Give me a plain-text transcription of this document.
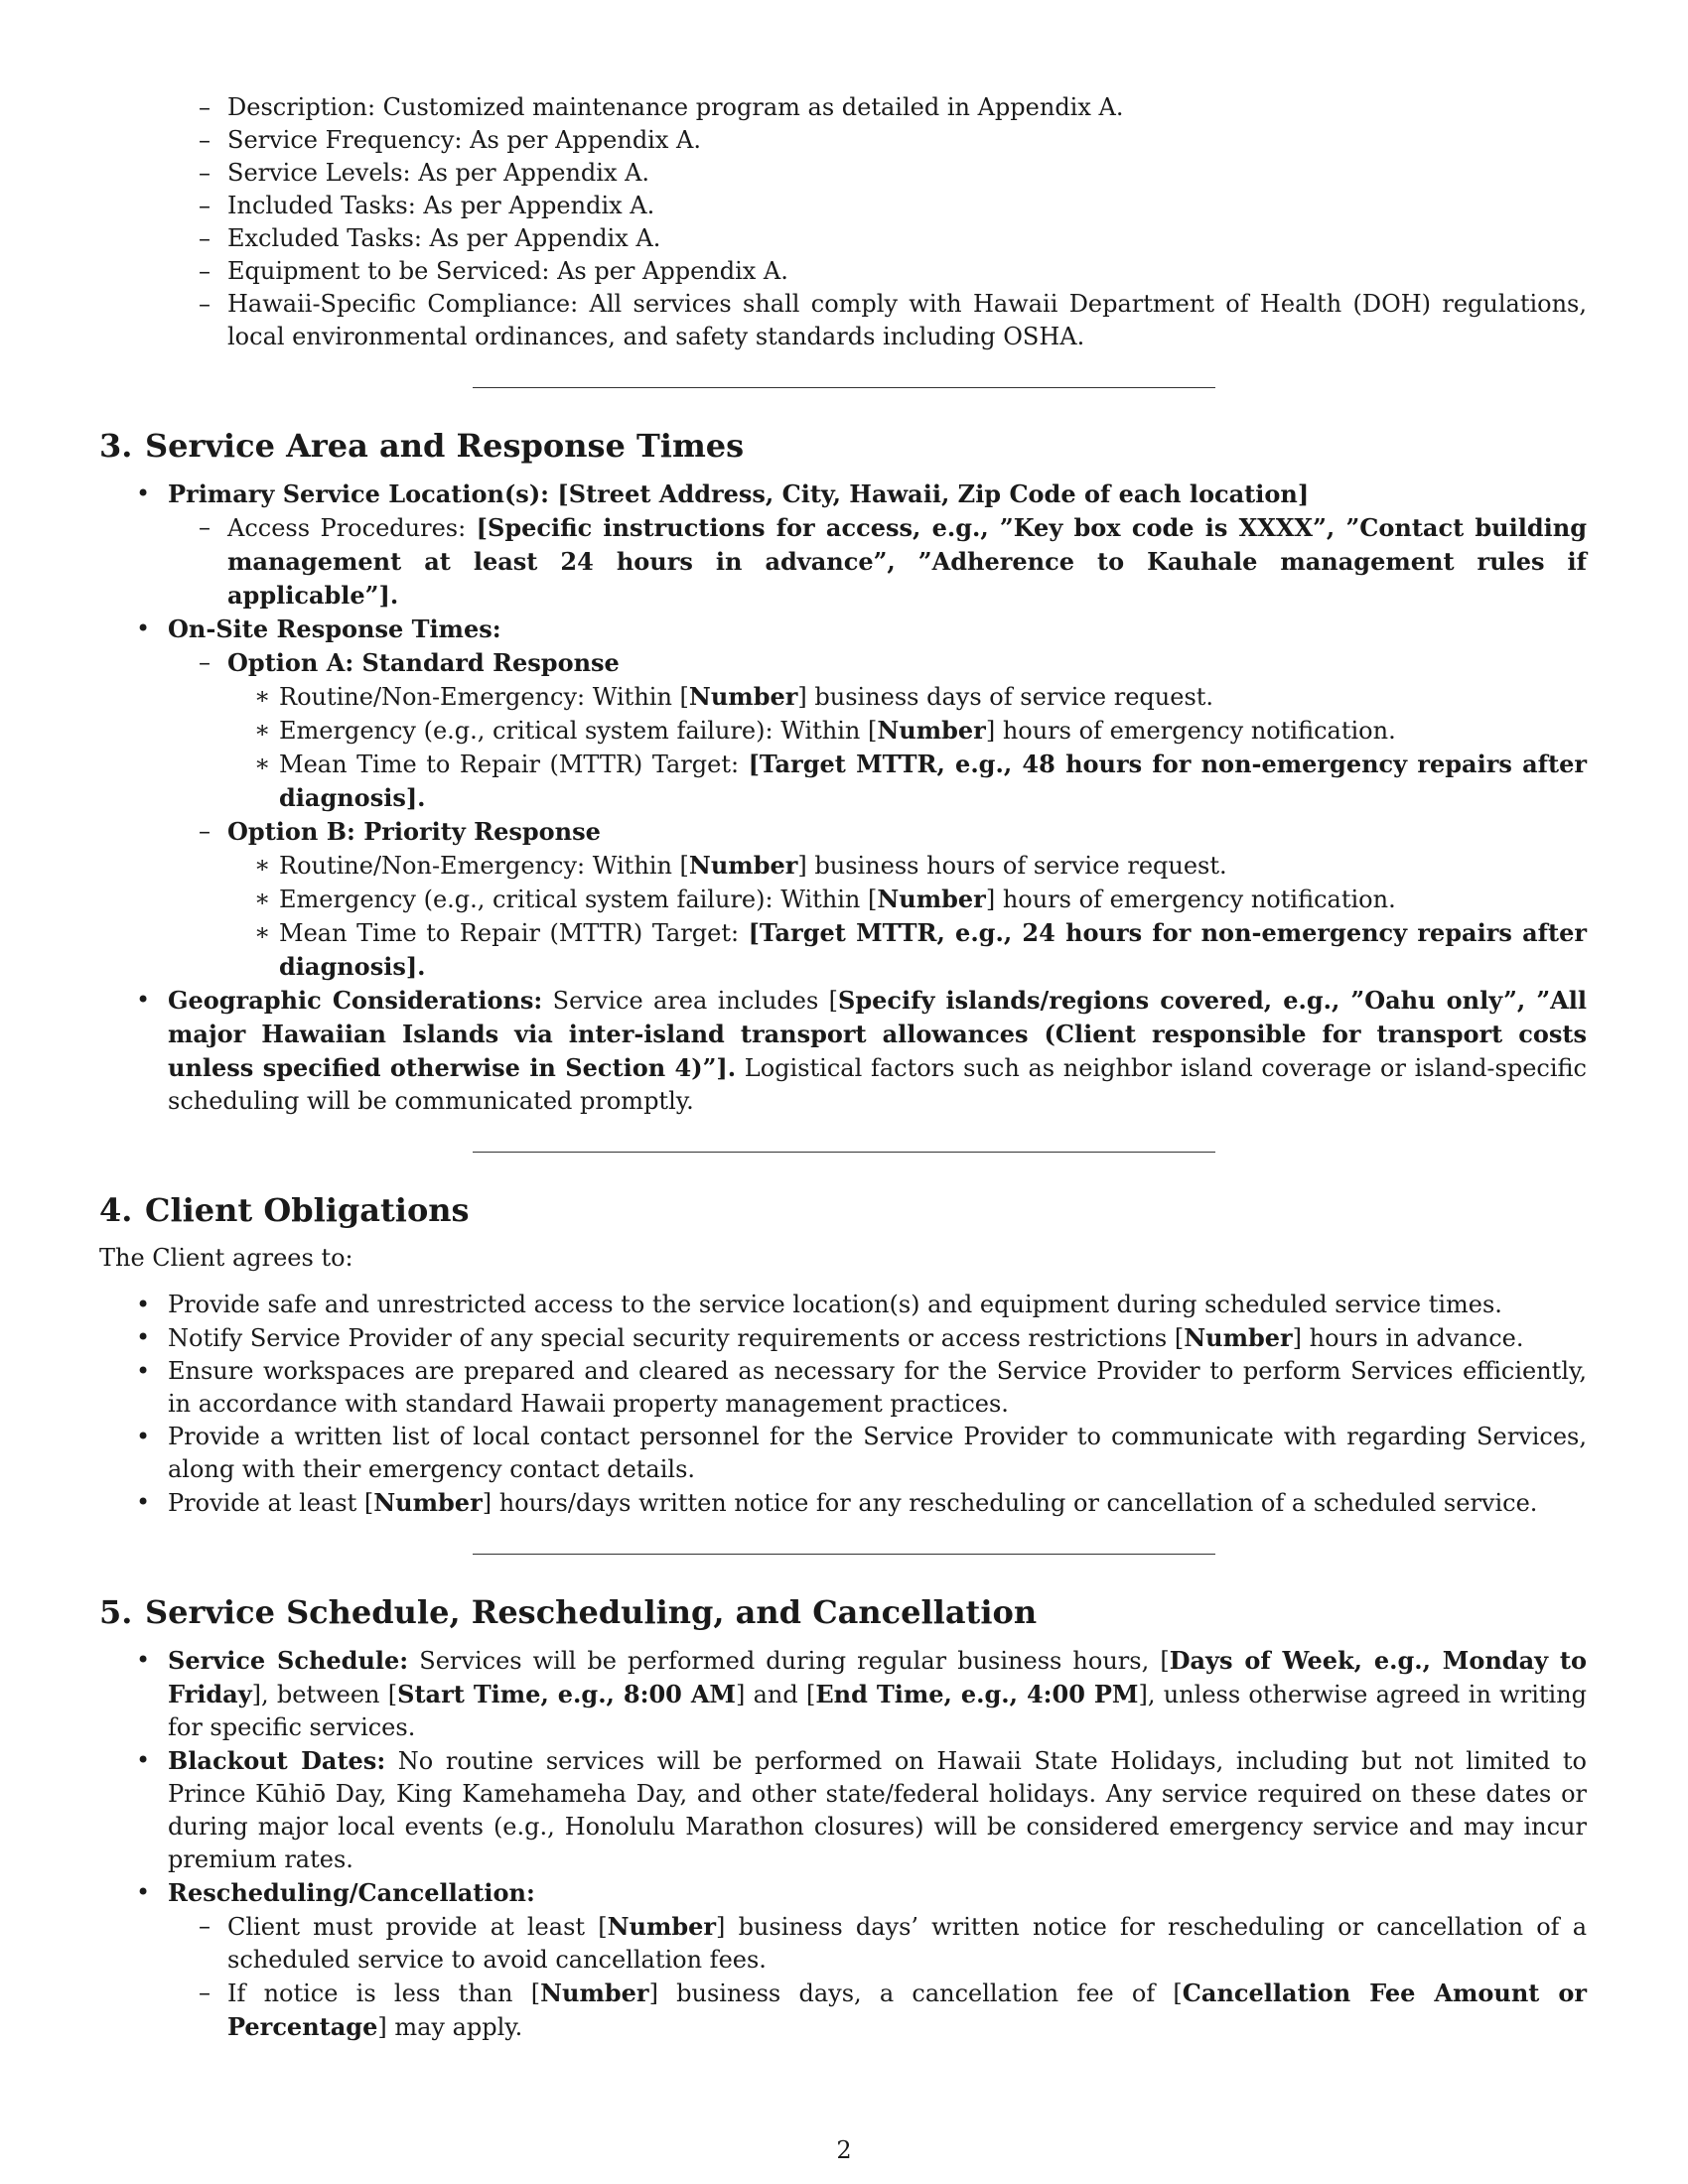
– Description: Customized maintenance program as detailed in Appendix A.
– Service Frequency: As per Appendix A.
– Service Levels: As per Appendix A.
– Included Tasks: As per Appendix A.
– Excluded Tasks: As per Appendix A.
– Equipment to be Serviced: As per Appendix A.
– Hawaii-Specific Compliance: All services shall comply with Hawaii Department of Health (DOH) regulations, local environmental ordinances, and safety standards including OSHA.
3. Service Area and Response Times
• Primary Service Location(s): [Street Address, City, Hawaii, Zip Code of each location]
– Access Procedures: [Specific instructions for access, e.g., ”Key box code is XXXX”, ”Contact building management at least 24 hours in advance”, ”Adherence to Kauhale management rules if applicable”].
• On-Site Response Times:
– Option A: Standard Response
∗ Routine/Non-Emergency: Within [Number] business days of service request.
∗ Emergency (e.g., critical system failure): Within [Number] hours of emergency notification.
∗ Mean Time to Repair (MTTR) Target: [Target MTTR, e.g., 48 hours for non-emergency repairs after diagnosis].
– Option B: Priority Response
∗ Routine/Non-Emergency: Within [Number] business hours of service request.
∗ Emergency (e.g., critical system failure): Within [Number] hours of emergency notification.
∗ Mean Time to Repair (MTTR) Target: [Target MTTR, e.g., 24 hours for non-emergency repairs after diagnosis].
• Geographic Considerations: Service area includes [Specify islands/regions covered, e.g., ”Oahu only”, ”All major Hawaiian Islands via inter-island transport allowances (Client responsible for transport costs unless specified otherwise in Section 4)”]. Logistical factors such as neighbor island coverage or island-specific scheduling will be communicated promptly.
4. Client Obligations

The Client agrees to:

• Provide safe and unrestricted access to the service location(s) and equipment during scheduled service times.
• Notify Service Provider of any special security requirements or access restrictions [Number] hours in advance.
• Ensure workspaces are prepared and cleared as necessary for the Service Provider to perform Services efficiently, in accordance with standard Hawaii property management practices.
• Provide a written list of local contact personnel for the Service Provider to communicate with regarding Services, along with their emergency contact details.
• Provide at least [Number] hours/days written notice for any rescheduling or cancellation of a scheduled service.
5. Service Schedule, Rescheduling, and Cancellation
• Service Schedule: Services will be performed during regular business hours, [Days of Week, e.g., Monday to Friday], between [Start Time, e.g., 8:00 AM] and [End Time, e.g., 4:00 PM], unless otherwise agreed in writing for specific services.
• Blackout Dates: No routine services will be performed on Hawaii State Holidays, including but not limited to Prince Kūhiō Day, King Kamehameha Day, and other state/federal holidays. Any service required on these dates or during major local events (e.g., Honolulu Marathon closures) will be considered emergency service and may incur premium rates.
• Rescheduling/Cancellation:
– Client must provide at least [Number] business days’ written notice for rescheduling or cancellation of a scheduled service to avoid cancellation fees.
– If notice is less than [Number] business days, a cancellation fee of [Cancellation Fee Amount or Percentage] may apply.
2
